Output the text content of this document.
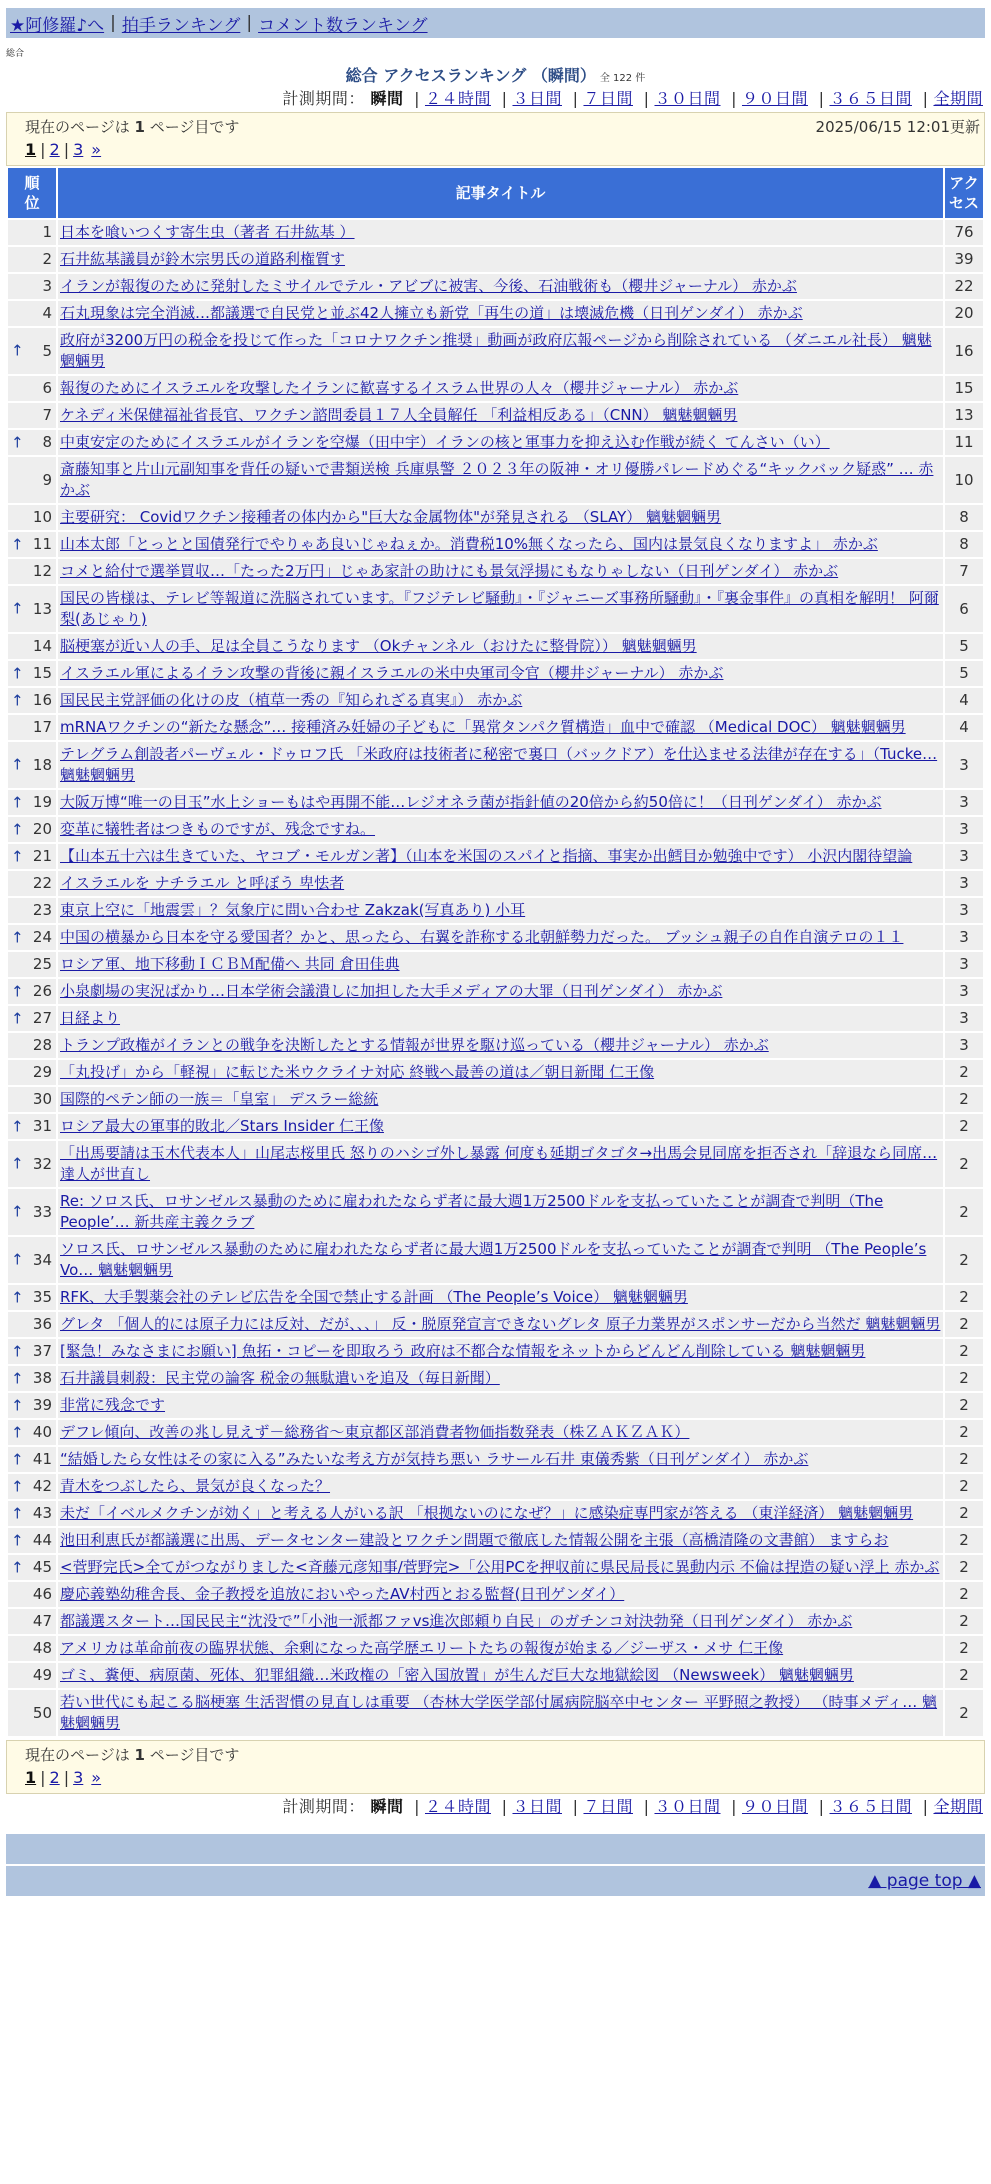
★阿修羅♪へ | 拍手ランキング | コメント数ランキング
総合
総合 アクセスランキング （瞬間） 全 122 件
計測期間： 瞬間 | ２４時間 | ３日間 | ７日間 | ３０日間 | ９０日間 | ３６５日間 | 全期間
現在のページは 1 ページ目です	2025/06/15 12:01更新
1 | 2 | 3 »
順位	記事タイトル	アクセス
1	日本を喰いつくす寄生虫（著者 石井紘基 ）	76
2	石井紘基議員が鈴木宗男氏の道路利権質す	39
3	イランが報復のために発射したミサイルでテル・アビブに被害、今後、石油戦術も（櫻井ジャーナル） 赤かぶ	22
4	石丸現象は完全消滅…都議選で自民党と並ぶ42人擁立も新党「再生の道」は壊滅危機（日刊ゲンダイ） 赤かぶ	20

↑ 5	政府が3200万円の税金を投じて作った「コロナワクチン推奨」動画が政府広報ページから削除されている （ダニエル社長） 魑魅魍魎男	16
6	報復のためにイスラエルを攻撃したイランに歓喜するイスラム世界の人々（櫻井ジャーナル） 赤かぶ	15
7	ケネディ米保健福祉省長官、ワクチン諮問委員１７人全員解任 「利益相反ある」（CNN） 魑魅魍魎男	13

↑ 8	中東安定のためにイスラエルがイランを空爆（田中宇）イランの核と軍事力を抑え込む作戦が続く てんさい（い）	11
9	斎藤知事と片山元副知事を背任の疑いで書類送検 兵庫県警 ２０２３年の阪神・オリ優勝パレードめぐる“キックバック疑惑” … 赤かぶ	10
10	主要研究： Covidワクチン接種者の体内から"巨大な金属物体"が発見される （SLAY） 魑魅魍魎男	8

↑ 11	山本太郎「とっとと国債発行でやりゃあ良いじゃねぇか。消費税10%無くなったら、国内は景気良くなりますよ」 赤かぶ	8
12	コメと給付で選挙買収…「たった2万円」じゃあ家計の助けにも景気浮揚にもなりゃしない（日刊ゲンダイ） 赤かぶ	7

↑ 13	国民の皆様は、テレビ等報道に洗脳されています。『フジテレビ騒動』・『ジャニーズ事務所騒動』・『裏金事件』の真相を解明！ 阿爾梨(あじゃり)	6
14	脳梗塞が近い人の手、足は全員こうなります （Okチャンネル（おけたに整骨院）） 魑魅魍魎男	5

↑ 15	イスラエル軍によるイラン攻撃の背後に親イスラエルの米中央軍司令官（櫻井ジャーナル） 赤かぶ	5

↑ 16	国民民主党評価の化けの皮（植草一秀の『知られざる真実』） 赤かぶ	4
17	mRNAワクチンの“新たな懸念”… 接種済み妊婦の子どもに「異常タンパク質構造」血中で確認 （Medical DOC） 魑魅魍魎男	4

↑ 18	テレグラム創設者パーヴェル・ドゥロフ氏 「米政府は技術者に秘密で裏口（バックドア）を仕込ませる法律が存在する」（Tucke… 魑魅魍魎男	3

↑ 19	大阪万博“唯一の目玉”水上ショーもはや再開不能…レジオネラ菌が指針値の20倍から約50倍に！（日刊ゲンダイ） 赤かぶ	3

↑ 20	変革に犠牲者はつきものですが、残念ですね。	3

↑ 21	【山本五十六は生きていた、ヤコブ・モルガン著】（山本を米国のスパイと指摘、事実か出鱈目か勉強中です） 小沢内閣待望論	3
22	イスラエルを ナチラエル と呼ぼう 卑怯者	3
23	東京上空に「地震雲」？気象庁に問い合わせ Zakzak(写真あり) 小耳	3

↑ 24	中国の横暴から日本を守る愛国者？かと、思ったら、右翼を詐称する北朝鮮勢力だった。 ブッシュ親子の自作自演テロの１１	3
25	ロシア軍、地下移動ＩＣＢＭ配備へ 共同 倉田佳典	3

↑ 26	小泉劇場の実況ばかり…日本学術会議潰しに加担した大手メディアの大罪（日刊ゲンダイ） 赤かぶ	3

↑ 27	日経より	3
28	トランプ政権がイランとの戦争を決断したとする情報が世界を駆け巡っている（櫻井ジャーナル） 赤かぶ	3
29	「丸投げ」から「軽視」に転じた米ウクライナ対応 終戦へ最善の道は／朝日新聞 仁王像	2
30	国際的ペテン師の一族＝「皇室」 デスラー総統	2

↑ 31	ロシア最大の軍事的敗北／Stars Insider 仁王像	2

↑ 32	「出馬要請は玉木代表本人」山尾志桜里氏 怒りのハシゴ外し暴露 何度も延期ゴタゴタ→出馬会見同席を拒否され「辞退なら同席… 達人が世直し	2

↑ 33	Re: ソロス氏、ロサンゼルス暴動のために雇われたならず者に最大週1万2500ドルを支払っていたことが調査で判明（The People’… 新共産主義クラブ	2

↑ 34	ソロス氏、ロサンゼルス暴動のために雇われたならず者に最大週1万2500ドルを支払っていたことが調査で判明 （The People’s Vo… 魑魅魍魎男	2

↑ 35	RFK、大手製薬会社のテレビ広告を全国で禁止する計画 （The People’s Voice） 魑魅魍魎男	2
36	グレタ 「個人的には原子力には反対、だが、、、」 反・脱原発宣言できないグレタ 原子力業界がスポンサーだから当然だ 魑魅魍魎男	2

↑ 37	[緊急！みなさまにお願い] 魚拓・コピーを即取ろう 政府は不都合な情報をネットからどんどん削除している 魑魅魍魎男	2

↑ 38	石井議員刺殺：民主党の論客 税金の無駄遣いを追及（毎日新聞）	2

↑ 39	非常に残念です	2

↑ 40	デフレ傾向、改善の兆し見えず－総務省～東京都区部消費者物価指数発表（株ＺＡＫＺＡＫ）	2

↑ 41	“結婚したら女性はその家に入る”みたいな考え方が気持ち悪い ラサール石井 東儀秀紫（日刊ゲンダイ） 赤かぶ	2

↑ 42	青木をつぶしたら、景気が良くなった？	2

↑ 43	未だ「イベルメクチンが効く」と考える人がいる訳 「根拠ないのになぜ？」に感染症専門家が答える （東洋経済） 魑魅魍魎男	2

↑ 44	池田利恵氏が都議選に出馬、データセンター建設とワクチン問題で徹底した情報公開を主張（高橋清隆の文書館） ますらお	2

↑ 45	<菅野完氏>全てがつながりました<斉藤元彦知事/菅野完>「公用PCを押収前に県民局長に異動内示 不倫は捏造の疑い浮上 赤かぶ	2
46	慶応義塾幼稚舎長、金子教授を追放においやったAV村西とおる監督(日刊ゲンダイ）	2
47	都議選スタート…国民民主“沈没で”「小池一派都ファvs進次郎頼り自民」のガチンコ対決勃発（日刊ゲンダイ） 赤かぶ	2
48	アメリカは革命前夜の臨界状態、余剰になった高学歴エリートたちの報復が始まる／ジーザス・メサ 仁王像	2
49	ゴミ、糞便、病原菌、死体、犯罪組織…米政権の「密入国放置」が生んだ巨大な地獄絵図 （Newsweek） 魑魅魍魎男	2
50	若い世代にも起こる脳梗塞 生活習慣の見直しは重要 （杏林大学医学部付属病院脳卒中センター 平野照之教授） （時事メディ… 魑魅魍魎男	2
現在のページは 1 ページ目です
1 | 2 | 3 »
計測期間： 瞬間 | ２４時間 | ３日間 | ７日間 | ３０日間 | ９０日間 | ３６５日間 | 全期間
▲ page top ▲
